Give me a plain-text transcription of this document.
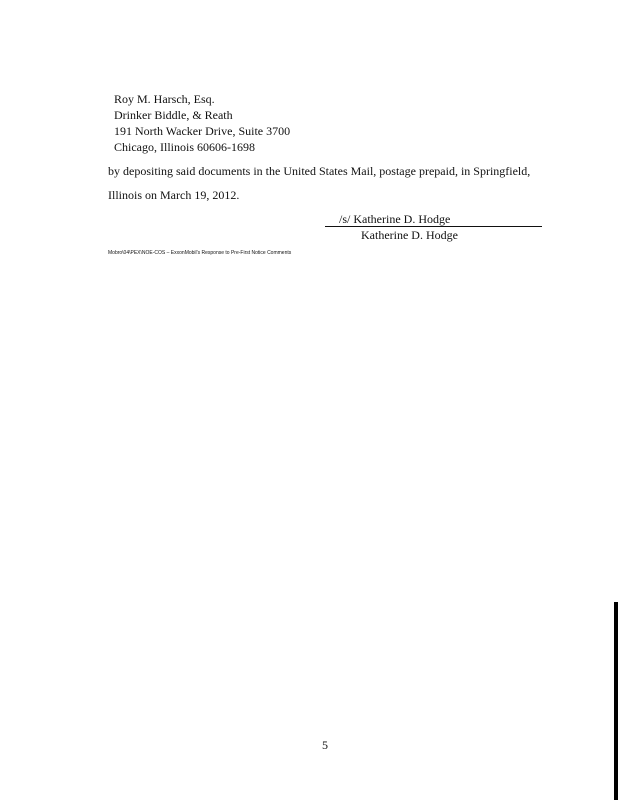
Roy M. Harsch, Esq.
Drinker Biddle, & Reath
191 North Wacker Drive, Suite 3700
Chicago, Illinois 60606-1698
by depositing said documents in the United States Mail, postage prepaid, in Springfield,
Illinois on March 19, 2012.
/s/ Katherine D. Hodge
Katherine D. Hodge
Mobro\04\PEX\NOE-COS – ExxonMobil's Response to Pre-First Notice Comments
5
